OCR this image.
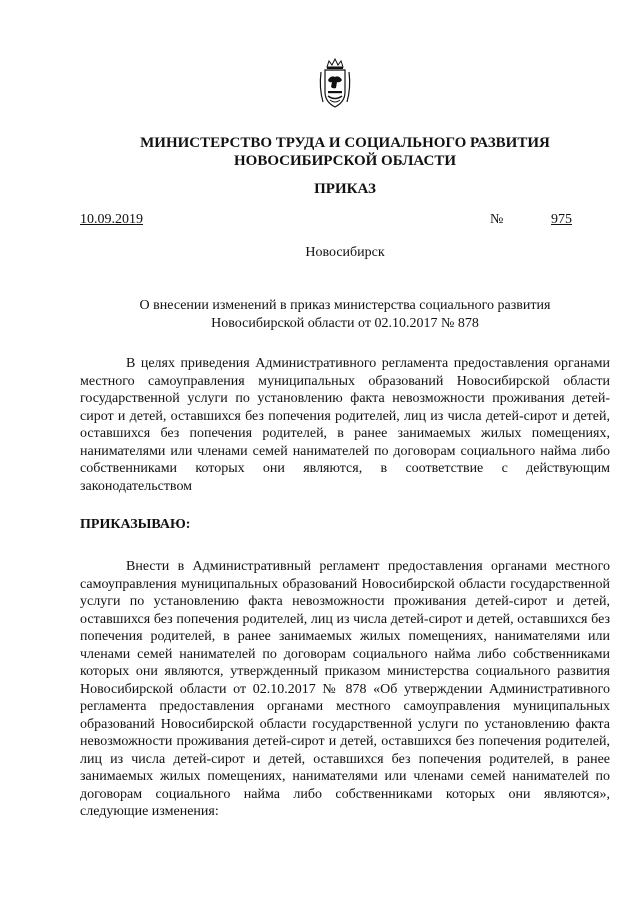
МИНИСТЕРСТВО ТРУДА И СОЦИАЛЬНОГО РАЗВИТИЯ
НОВОСИБИРСКОЙ ОБЛАСТИ
ПРИКАЗ
10.09.2019	№	975
Новосибирск
О внесении изменений в приказ министерства социального развития
Новосибирской области от 02.10.2017 № 878
В целях приведения Административного регламента предоставления органами местного самоуправления муниципальных образований Новосибирской области государственной услуги по установлению факта невозможности проживания детей-сирот и детей, оставшихся без попечения родителей, лиц из числа детей-сирот и детей, оставшихся без попечения родителей, в ранее занимаемых жилых помещениях, нанимателями или членами семей нанимателей по договорам социального найма либо собственниками которых они являются, в соответствие с действующим законодательством
ПРИКАЗЫВАЮ:
Внести в Административный регламент предоставления органами местного самоуправления муниципальных образований Новосибирской области государственной услуги по установлению факта невозможности проживания детей-сирот и детей, оставшихся без попечения родителей, лиц из числа детей-сирот и детей, оставшихся без попечения родителей, в ранее занимаемых жилых помещениях, нанимателями или членами семей нанимателей по договорам социального найма либо собственниками которых они являются, утвержденный приказом министерства социального развития Новосибирской области от 02.10.2017 № 878 «Об утверждении Административного регламента предоставления органами местного самоуправления муниципальных образований Новосибирской области государственной услуги по установлению факта невозможности проживания детей-сирот и детей, оставшихся без попечения родителей, лиц из числа детей-сирот и детей, оставшихся без попечения родителей, в ранее занимаемых жилых помещениях, нанимателями или членами семей нанимателей по договорам социального найма либо собственниками которых они являются», следующие изменения:
